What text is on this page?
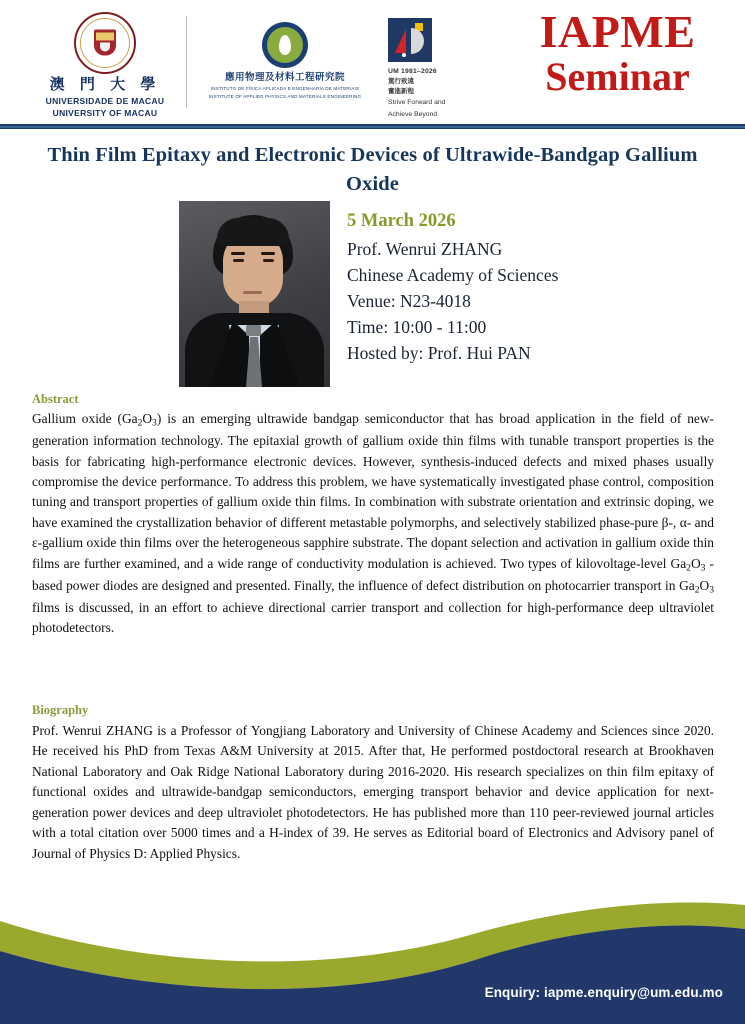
澳 門 大 學
UNIVERSIDADE DE MACAU
UNIVERSITY OF MACAU
應用物理及材料工程研究院
INSTITUTO DE FÍSICA APLICADA E ENGENHARIA DE MATERIAIS
INSTITUTE OF APPLIED PHYSICS AND MATERIALS ENGINEERING
UM 1981–2026
篤行致遠
奮進新程
Strive Forward and
Achieve Beyond
IAPME
Seminar
Thin Film Epitaxy and Electronic Devices of Ultrawide-Bandgap Gallium Oxide
5 March 2026
Prof. Wenrui ZHANG
Chinese Academy of Sciences
Venue: N23-4018
Time: 10:00 - 11:00
Hosted by: Prof. Hui PAN
Abstract
Gallium oxide $(Ga_2O_3)$ is an emerging ultrawide bandgap semiconductor that has broad application in the field of new-generation information technology. The epitaxial growth of gallium oxide thin films with tunable transport properties is the basis for fabricating high-performance electronic devices. However, synthesis-induced defects and mixed phases usually compromise the device performance. To address this problem, we have systematically investigated phase control, composition tuning and transport properties of gallium oxide thin films. In combination with substrate orientation and extrinsic doping, we have examined the crystallization behavior of different metastable polymorphs, and selectively stabilized phase-pure β-, α- and ε-gallium oxide thin films over the heterogeneous sapphire substrate. The dopant selection and activation in gallium oxide thin films are further examined, and a wide range of conductivity modulation is achieved. Two types of kilovoltage-level $Ga_2O_3$ -based power diodes are designed and presented. Finally, the influence of defect distribution on photocarrier transport in $Ga_2O_3$ films is discussed, in an effort to achieve directional carrier transport and collection for high-performance deep ultraviolet photodetectors.
Biography
Prof. Wenrui ZHANG is a Professor of Yongjiang Laboratory and University of Chinese Academy and Sciences since 2020. He received his PhD from Texas A&M University at 2015. After that, He performed postdoctoral research at Brookhaven National Laboratory and Oak Ridge National Laboratory during 2016-2020. His research specializes on thin film epitaxy of functional oxides and ultrawide-bandgap semiconductors, emerging transport behavior and device application for next-generation power devices and deep ultraviolet photodetectors. He has published more than 110 peer-reviewed journal articles with a total citation over 5000 times and a H-index of 39. He serves as Editorial board of Electronics and Advisory panel of Journal of Physics D: Applied Physics.
Enquiry: iapme.enquiry@um.edu.mo
